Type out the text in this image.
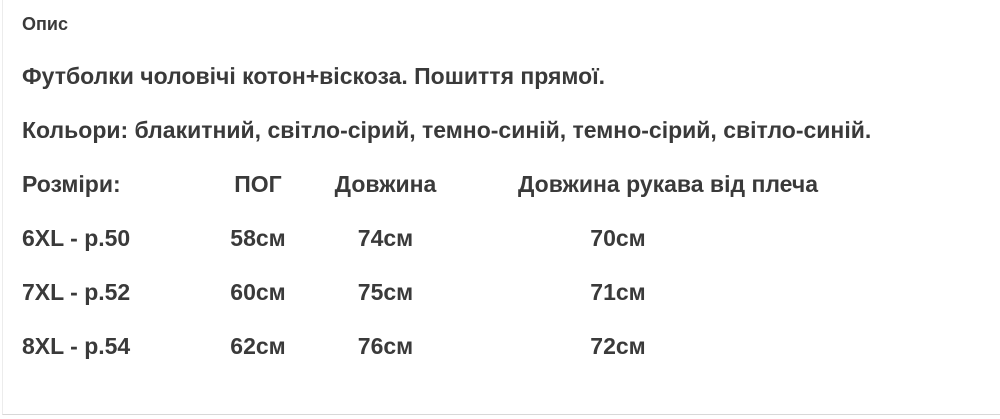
Опис

Футболки чоловічі котон+віскоза. Пошиття прямої.

Кольори: блакитний, світло-сірий, темно-синій, темно-сірий, світло-синій.

Розміри:	ПОГ	Довжина	Довжина рукава від плеча	
6XL - р.50	58см	74см	70см	
7XL - р.52	60см	75см	71см	
8XL - р.54	62см	76см	72см	
